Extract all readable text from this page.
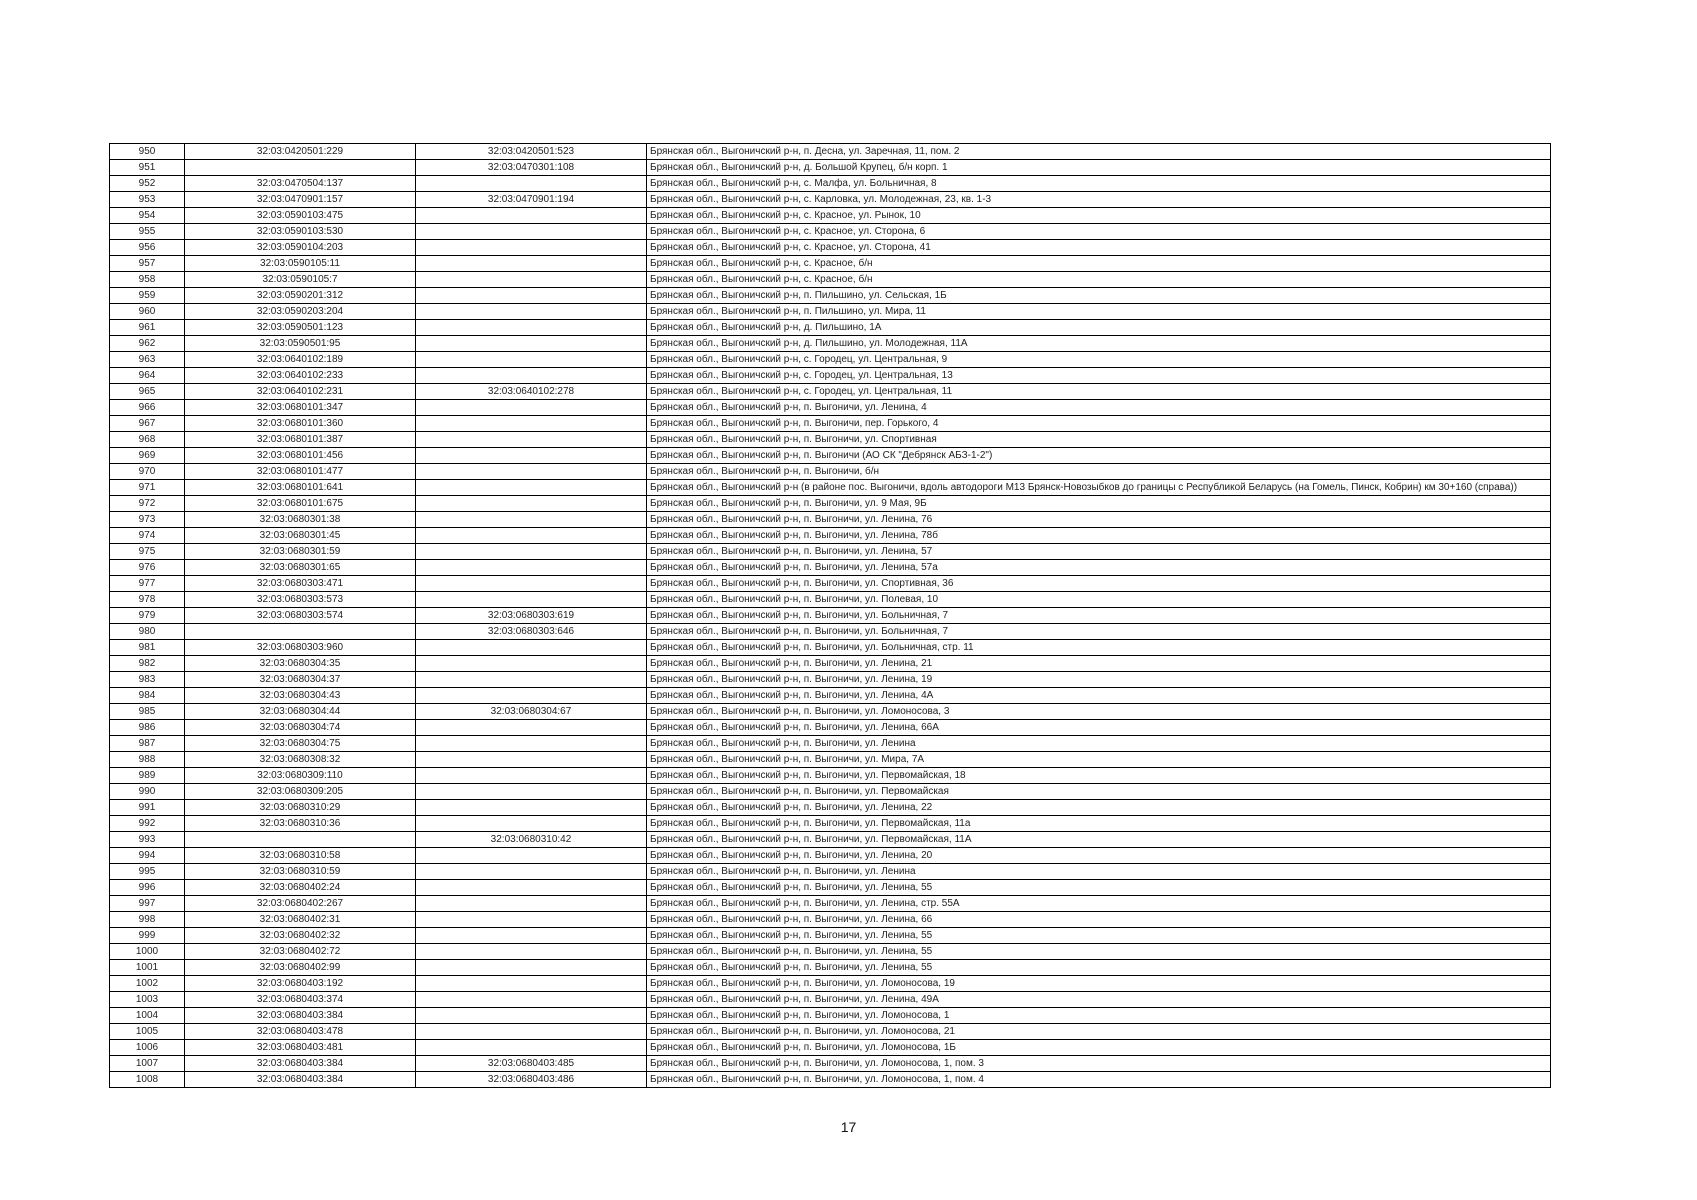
950	32:03:0420501:229	32:03:0420501:523	Брянская обл., Выгоничский р-н, п. Десна, ул. Заречная, 11, пом. 2
951		32:03:0470301:108	Брянская обл., Выгоничский р-н, д. Большой Крупец, б/н корп. 1
952	32:03:0470504:137		Брянская обл., Выгоничский р-н, с. Малфа, ул. Больничная, 8
953	32:03:0470901:157	32:03:0470901:194	Брянская обл., Выгоничский р-н, с. Карловка, ул. Молодежная, 23, кв. 1-3
954	32:03:0590103:475		Брянская обл., Выгоничский р-н, с. Красное, ул. Рынок, 10
955	32:03:0590103:530		Брянская обл., Выгоничский р-н, с. Красное, ул. Сторона, 6
956	32:03:0590104:203		Брянская обл., Выгоничский р-н, с. Красное, ул. Сторона, 41
957	32:03:0590105:11		Брянская обл., Выгоничский р-н, с. Красное, б/н
958	32:03:0590105:7		Брянская обл., Выгоничский р-н, с. Красное, б/н
959	32:03:0590201:312		Брянская обл., Выгоничский р-н, п. Пильшино, ул. Сельская, 1Б
960	32:03:0590203:204		Брянская обл., Выгоничский р-н, п. Пильшино, ул. Мира, 11
961	32:03:0590501:123		Брянская обл., Выгоничский р-н, д. Пильшино, 1А
962	32:03:0590501:95		Брянская обл., Выгоничский р-н, д. Пильшино, ул. Молодежная, 11А
963	32:03:0640102:189		Брянская обл., Выгоничский р-н, с. Городец, ул. Центральная, 9
964	32:03:0640102:233		Брянская обл., Выгоничский р-н, с. Городец, ул. Центральная, 13
965	32:03:0640102:231	32:03:0640102:278	Брянская обл., Выгоничский р-н, с. Городец, ул. Центральная, 11
966	32:03:0680101:347		Брянская обл., Выгоничский р-н, п. Выгоничи, ул. Ленина, 4
967	32:03:0680101:360		Брянская обл., Выгоничский р-н, п. Выгоничи, пер. Горького, 4
968	32:03:0680101:387		Брянская обл., Выгоничский р-н, п. Выгоничи, ул. Спортивная
969	32:03:0680101:456		Брянская обл., Выгоничский р-н, п. Выгоничи (АО СК "Дебрянск АБЗ-1-2")
970	32:03:0680101:477		Брянская обл., Выгоничский р-н, п. Выгоничи, б/н
971	32:03:0680101:641		Брянская обл., Выгоничский р-н (в районе пос. Выгоничи, вдоль автодороги М13 Брянск-Новозыбков до границы с Республикой Беларусь (на Гомель, Пинск, Кобрин) км 30+160 (справа))
972	32:03:0680101:675		Брянская обл., Выгоничский р-н, п. Выгоничи, ул. 9 Мая, 9Б
973	32:03:0680301:38		Брянская обл., Выгоничский р-н, п. Выгоничи, ул. Ленина, 76
974	32:03:0680301:45		Брянская обл., Выгоничский р-н, п. Выгоничи, ул. Ленина, 78б
975	32:03:0680301:59		Брянская обл., Выгоничский р-н, п. Выгоничи, ул. Ленина, 57
976	32:03:0680301:65		Брянская обл., Выгоничский р-н, п. Выгоничи, ул. Ленина, 57а
977	32:03:0680303:471		Брянская обл., Выгоничский р-н, п. Выгоничи, ул. Спортивная, 36
978	32:03:0680303:573		Брянская обл., Выгоничский р-н, п. Выгоничи, ул. Полевая, 10
979	32:03:0680303:574	32:03:0680303:619	Брянская обл., Выгоничский р-н, п. Выгоничи, ул. Больничная, 7
980		32:03:0680303:646	Брянская обл., Выгоничский р-н, п. Выгоничи, ул. Больничная, 7
981	32:03:0680303:960		Брянская обл., Выгоничский р-н, п. Выгоничи, ул. Больничная, стр. 11
982	32:03:0680304:35		Брянская обл., Выгоничский р-н, п. Выгоничи, ул. Ленина, 21
983	32:03:0680304:37		Брянская обл., Выгоничский р-н, п. Выгоничи, ул. Ленина, 19
984	32:03:0680304:43		Брянская обл., Выгоничский р-н, п. Выгоничи, ул. Ленина, 4А
985	32:03:0680304:44	32:03:0680304:67	Брянская обл., Выгоничский р-н, п. Выгоничи, ул. Ломоносова, 3
986	32:03:0680304:74		Брянская обл., Выгоничский р-н, п. Выгоничи, ул. Ленина, 66А
987	32:03:0680304:75		Брянская обл., Выгоничский р-н, п. Выгоничи, ул. Ленина
988	32:03:0680308:32		Брянская обл., Выгоничский р-н, п. Выгоничи, ул. Мира, 7А
989	32:03:0680309:110		Брянская обл., Выгоничский р-н, п. Выгоничи, ул. Первомайская, 18
990	32:03:0680309:205		Брянская обл., Выгоничский р-н, п. Выгоничи, ул. Первомайская
991	32:03:0680310:29		Брянская обл., Выгоничский р-н, п. Выгоничи, ул. Ленина, 22
992	32:03:0680310:36		Брянская обл., Выгоничский р-н, п. Выгоничи, ул. Первомайская, 11а
993		32:03:0680310:42	Брянская обл., Выгоничский р-н, п. Выгоничи, ул. Первомайская, 11А
994	32:03:0680310:58		Брянская обл., Выгоничский р-н, п. Выгоничи, ул. Ленина, 20
995	32:03:0680310:59		Брянская обл., Выгоничский р-н, п. Выгоничи, ул. Ленина
996	32:03:0680402:24		Брянская обл., Выгоничский р-н, п. Выгоничи, ул. Ленина, 55
997	32:03:0680402:267		Брянская обл., Выгоничский р-н, п. Выгоничи, ул. Ленина, стр. 55А
998	32:03:0680402:31		Брянская обл., Выгоничский р-н, п. Выгоничи, ул. Ленина, 66
999	32:03:0680402:32		Брянская обл., Выгоничский р-н, п. Выгоничи, ул. Ленина, 55
1000	32:03:0680402:72		Брянская обл., Выгоничский р-н, п. Выгоничи, ул. Ленина, 55
1001	32:03:0680402:99		Брянская обл., Выгоничский р-н, п. Выгоничи, ул. Ленина, 55
1002	32:03:0680403:192		Брянская обл., Выгоничский р-н, п. Выгоничи, ул. Ломоносова, 19
1003	32:03:0680403:374		Брянская обл., Выгоничский р-н, п. Выгоничи, ул. Ленина, 49А
1004	32:03:0680403:384		Брянская обл., Выгоничский р-н, п. Выгоничи, ул. Ломоносова, 1
1005	32:03:0680403:478		Брянская обл., Выгоничский р-н, п. Выгоничи, ул. Ломоносова, 21
1006	32:03:0680403:481		Брянская обл., Выгоничский р-н, п. Выгоничи, ул. Ломоносова, 1Б
1007	32:03:0680403:384	32:03:0680403:485	Брянская обл., Выгоничский р-н, п. Выгоничи, ул. Ломоносова, 1, пом. 3
1008	32:03:0680403:384	32:03:0680403:486	Брянская обл., Выгоничский р-н, п. Выгоничи, ул. Ломоносова, 1, пом. 4
17
